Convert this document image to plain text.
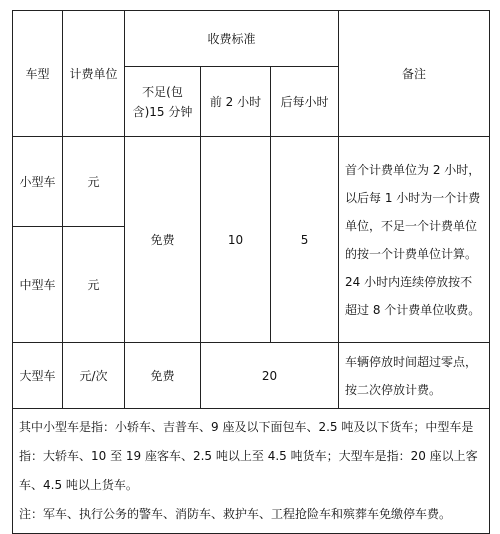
车型	计费单位	收费标准			备注
		不足(包含)15 分钟	前 2 小时	后每小时	
小型车	元	免费	10	5	首个计费单位为 2 小时，以后每 1 小时为一个计费单位，不足一个计费单位的按一个计费单位计算。24 小时内连续停放按不超过 8 个计费单位收费。
中型车	元				
大型车	元/次	免费	20		车辆停放时间超过零点，按二次停放计费。

其中小型车是指：小轿车、吉普车、9 座及以下面包车、2.5 吨及以下货车；中型车是指：大轿车、10 至 19 座客车、2.5 吨以上至 4.5 吨货车；大型车是指：20 座以上客车、4.5 吨以上货车。
注：军车、执行公务的警车、消防车、救护车、工程抢险车和殡葬车免缴停车费。					
